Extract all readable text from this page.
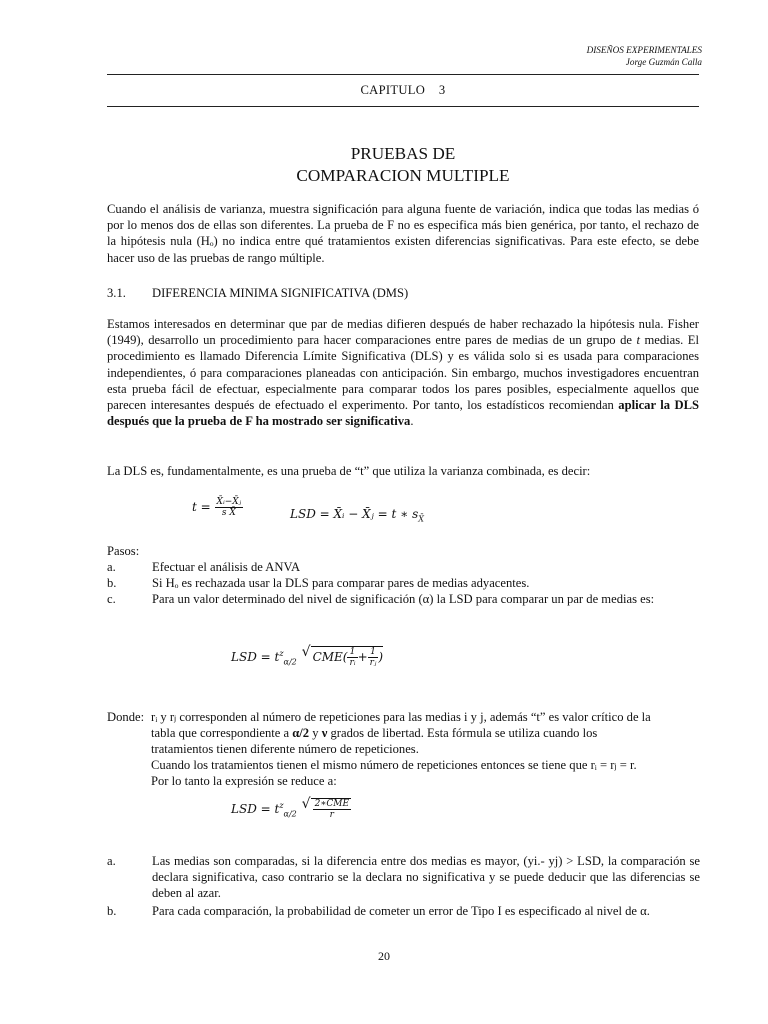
DISEÑOS EXPERIMENTALES
Jorge Guzmán Calla
CAPITULO    3
PRUEBAS DE
COMPARACION MULTIPLE
Cuando el análisis de varianza, muestra significación para alguna fuente de variación, indica que todas las medias ó por lo menos dos de ellas son diferentes. La prueba de F no es especifica más bien genérica, por tanto, el rechazo de la hipótesis nula (Hₒ) no indica entre qué tratamientos existen diferencias significativas. Para este efecto, se debe hacer uso de las pruebas de rango múltiple.
3.1. DIFERENCIA MINIMA SIGNIFICATIVA (DMS)
Estamos interesados en determinar que par de medias difieren después de haber rechazado la hipótesis nula. Fisher (1949), desarrollo un procedimiento para hacer comparaciones entre pares de medias de un grupo de t medias. El procedimiento es llamado Diferencia Límite Significativa (DLS) y es válida solo si es usada para comparaciones independientes, ó para comparaciones planeadas con anticipación. Sin embargo, muchos investigadores encuentran esta prueba fácil de efectuar, especialmente para comparar todos los pares posibles, especialmente aquellos que parecen interesantes después de efectuado el experimento. Por tanto, los estadísticos recomiendan aplicar la DLS después que la prueba de F ha mostrado ser significativa.
La DLS es, fundamentalmente, es una prueba de “t” que utiliza la varianza combinada, es decir:
$t = \frac{\text{X̄ᵢ−X̄ⱼ}}{\text{s X̄}}$	LSD = X̄ᵢ − X̄ⱼ = t ∗ $s_{X̄}$
Pasos:
a.	Efectuar el análisis de ANVA
b.	Si Hₒ es rechazada usar la DLS para comparar pares de medias adyacentes.
c.	Para un valor determinado del nivel de significación (α) la LSD para comparar un par de medias es:
LSD = $t^z_{\alpha/2}$ √ $CME( \frac{1}{\text{rᵢ}} + \frac{1}{\text{rⱼ}}$ )
Donde: rᵢ y rⱼ corresponden al número de repeticiones para las medias i y j, además “t” es valor crítico de la
tabla que correspondiente a α/2 y ν grados de libertad. Esta fórmula se utiliza cuando los
tratamientos tienen diferente número de repeticiones.
Cuando los tratamientos tienen el mismo número de repeticiones entonces se tiene que rᵢ = rⱼ = r.
Por lo tanto la expresión se reduce a:
LSD = $t^z_{\alpha/2}$ √ $\frac{\text{2∗CME}}{r}$
a.	Las medias son comparadas, si la diferencia entre dos medias es mayor, (yi.- yj) > LSD, la comparación se declara significativa, caso contrario se la declara no significativa y se puede deducir que las diferencias se deben al azar.
b.	Para cada comparación, la probabilidad de cometer un error de Tipo I es especificado al nivel de α.
20
